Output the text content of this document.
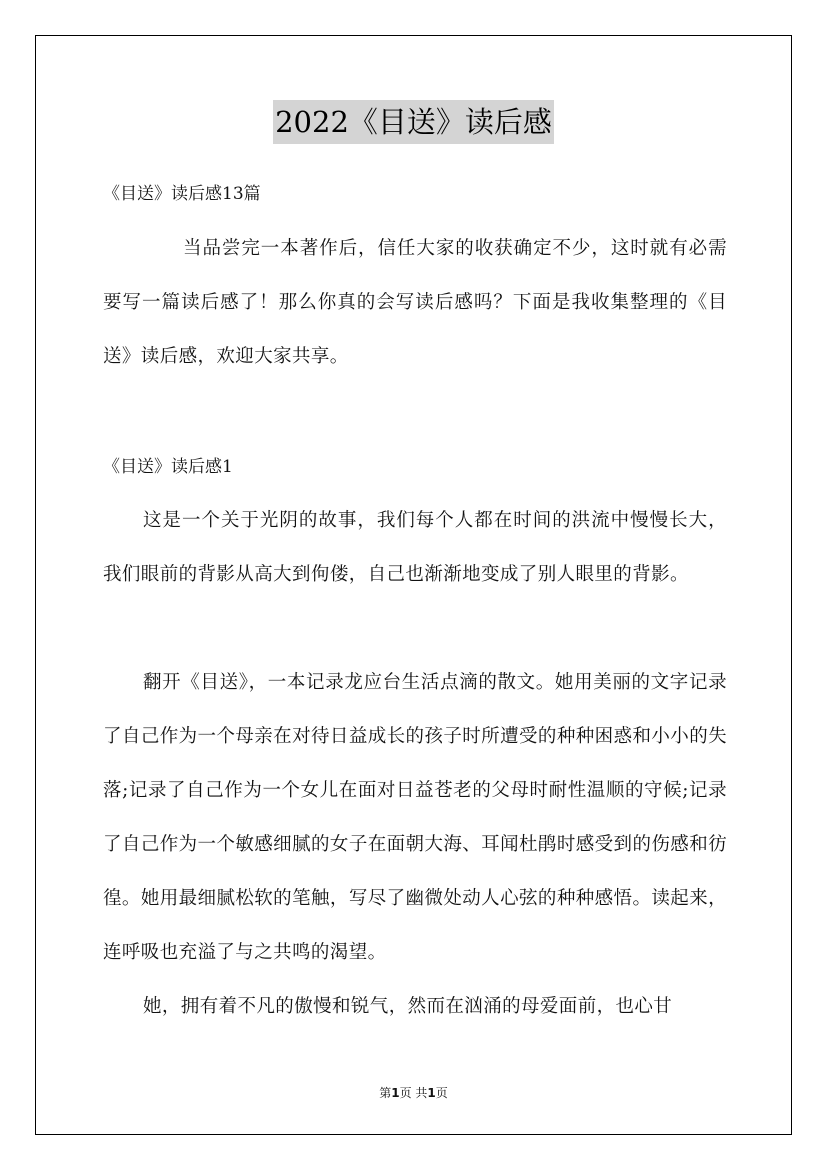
2022《目送》读后感
《目送》读后感13篇
当品尝完一本著作后，信任大家的收获确定不少，这时就有必需要写一篇读后感了！那么你真的会写读后感吗？下面是我收集整理的《目送》读后感，欢迎大家共享。
《目送》读后感1
这是一个关于光阴的故事，我们每个人都在时间的洪流中慢慢长大，我们眼前的背影从高大到佝偻，自己也渐渐地变成了别人眼里的背影。
翻开《目送》，一本记录龙应台生活点滴的散文。她用美丽的文字记录了自己作为一个母亲在对待日益成长的孩子时所遭受的种种困惑和小小的失落;记录了自己作为一个女儿在面对日益苍老的父母时耐性温顺的守候;记录了自己作为一个敏感细腻的女子在面朝大海、耳闻杜鹃时感受到的伤感和彷徨。她用最细腻松软的笔触，写尽了幽微处动人心弦的种种感悟。读起来，连呼吸也充溢了与之共鸣的渴望。
她，拥有着不凡的傲慢和锐气，然而在汹涌的母爱面前，也心甘
第1页 共1页
